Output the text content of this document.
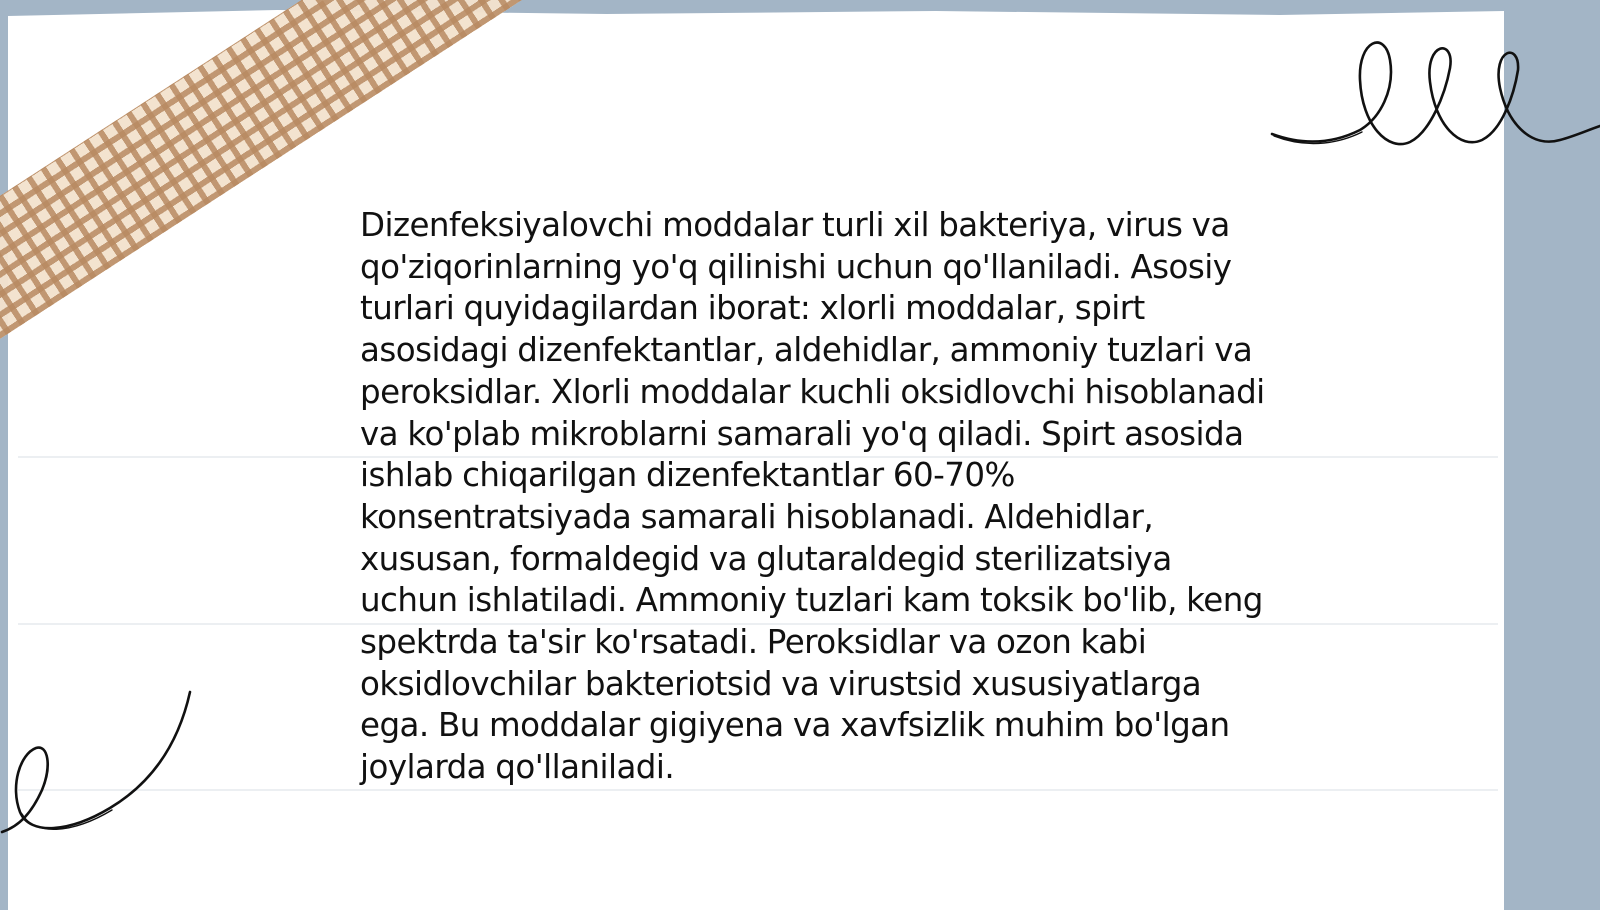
Dizenfeksiyalovchi moddalar turli xil bakteriya, virus va qo'ziqorinlarning yo'q qilinishi uchun qo'llaniladi. Asosiy turlari quyidagilardan iborat: xlorli moddalar, spirt asosidagi dizenfektantlar, aldehidlar, ammoniy tuzlari va peroksidlar. Xlorli moddalar kuchli oksidlovchi hisoblanadi va ko'plab mikroblarni samarali yo'q qiladi. Spirt asosida ishlab chiqarilgan dizenfektantlar 60-70% konsentratsiyada samarali hisoblanadi. Aldehidlar, xususan, formaldegid va glutaraldegid sterilizatsiya uchun ishlatiladi. Ammoniy tuzlari kam toksik bo'lib, keng spektrda ta'sir ko'rsatadi. Peroksidlar va ozon kabi oksidlovchilar bakteriotsid va virustsid xususiyatlarga ega. Bu moddalar gigiyena va xavfsizlik muhim bo'lgan joylarda qo'llaniladi.
